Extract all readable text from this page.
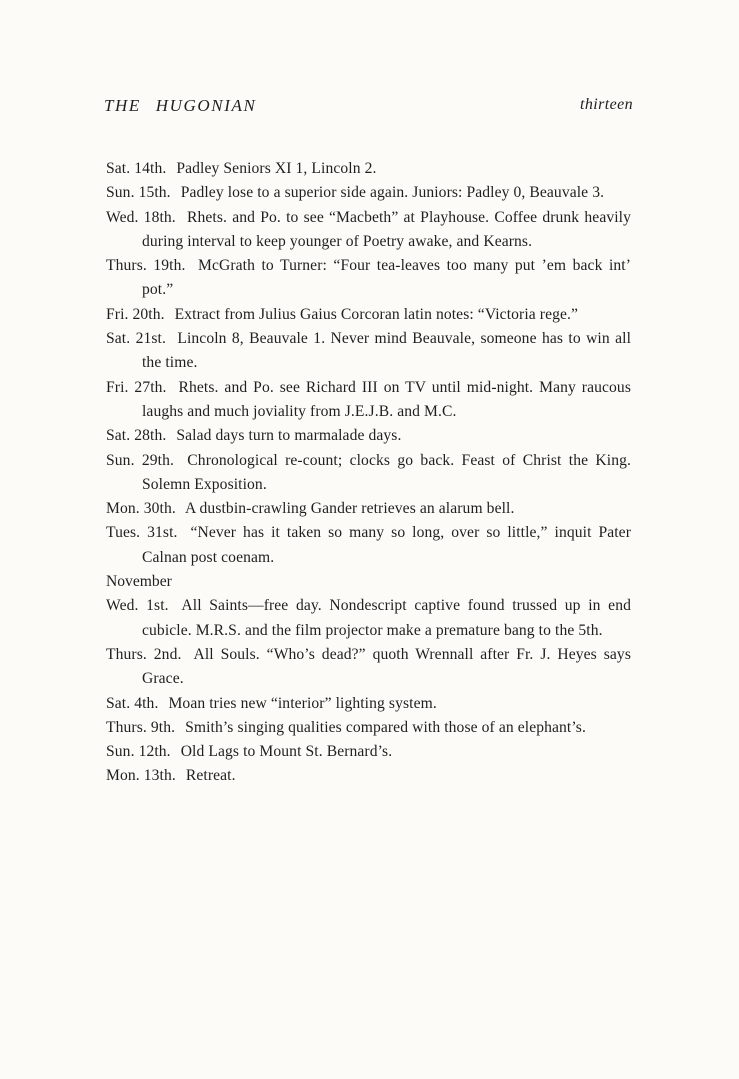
THE HUGONIAN	thirteen
Sat. 14th. Padley Seniors XI 1, Lincoln 2.
Sun. 15th. Padley lose to a superior side again. Juniors: Padley 0, Beauvale 3.
Wed. 18th. Rhets. and Po. to see “Macbeth” at Playhouse. Coffee drunk heavily during interval to keep younger of Poetry awake, and Kearns.
Thurs. 19th. McGrath to Turner: “Four tea-leaves too many put ’em back int’ pot.”
Fri. 20th. Extract from Julius Gaius Corcoran latin notes: “Victoria rege.”
Sat. 21st. Lincoln 8, Beauvale 1. Never mind Beauvale, someone has to win all the time.
Fri. 27th. Rhets. and Po. see Richard III on TV until mid-night. Many raucous laughs and much joviality from J.E.J.B. and M.C.
Sat. 28th. Salad days turn to marmalade days.
Sun. 29th. Chronological re-count; clocks go back. Feast of Christ the King. Solemn Exposition.
Mon. 30th. A dustbin-crawling Gander retrieves an alarum bell.
Tues. 31st. “Never has it taken so many so long, over so little,” inquit Pater Calnan post coenam.
November
Wed. 1st. All Saints—free day. Nondescript captive found trussed up in end cubicle. M.R.S. and the film projector make a premature bang to the 5th.
Thurs. 2nd. All Souls. “Who’s dead?” quoth Wrennall after Fr. J. Heyes says Grace.
Sat. 4th. Moan tries new “interior” lighting system.
Thurs. 9th. Smith’s singing qualities compared with those of an elephant’s.
Sun. 12th. Old Lags to Mount St. Bernard’s.
Mon. 13th. Retreat.
